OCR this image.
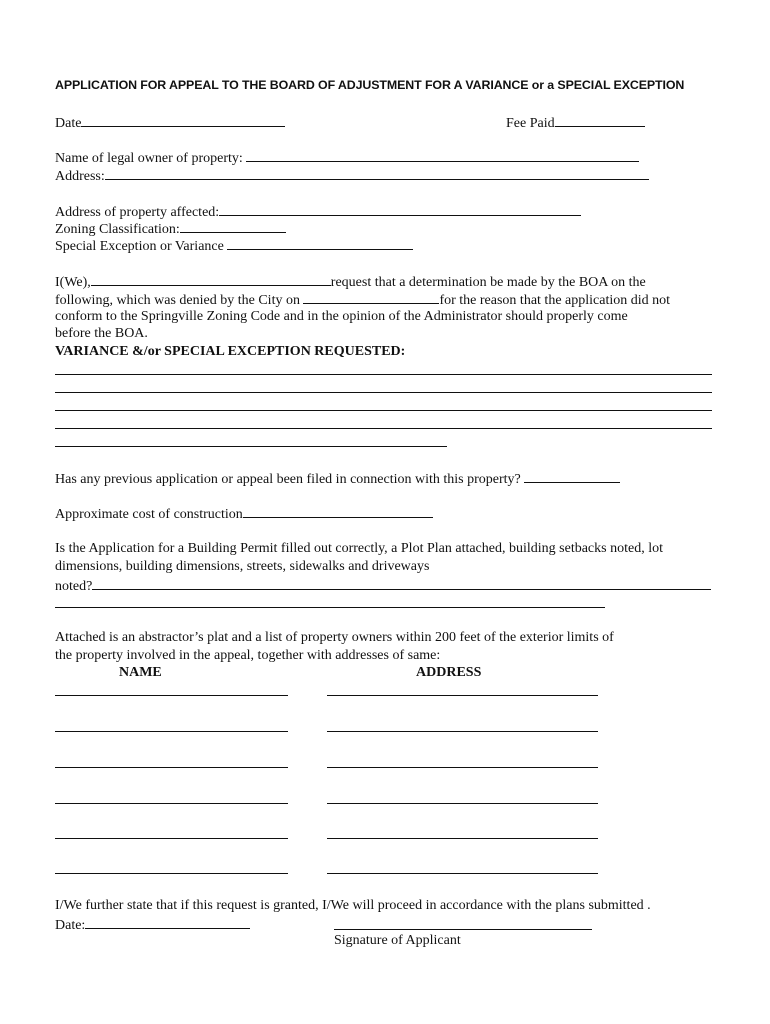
APPLICATION FOR APPEAL TO THE BOARD OF ADJUSTMENT FOR A VARIANCE or a SPECIAL EXCEPTION
Date	Fee Paid
Name of legal owner of property:
Address:
Address of property affected:
Zoning Classification:
Special Exception or Variance
I(We),	request that a determination be made by the BOA on the
following, which was denied by the City on	for the reason that the application did not
conform to the Springville Zoning Code and in the opinion of the Administrator should properly come
before the BOA.
VARIANCE &/or SPECIAL EXCEPTION REQUESTED:
Has any previous application or appeal been filed in connection with this property?
Approximate cost of construction
Is the Application for a Building Permit filled out correctly, a Plot Plan attached, building setbacks noted, lot
dimensions, building dimensions, streets, sidewalks and driveways
noted?
Attached is an abstractor’s plat and a list of property owners within 200 feet of the exterior limits of
the property involved in the appeal, together with addresses of same:
NAME	ADDRESS
I/We further state that if this request is granted, I/We will proceed in accordance with the plans submitted .
Date:
Signature of Applicant
